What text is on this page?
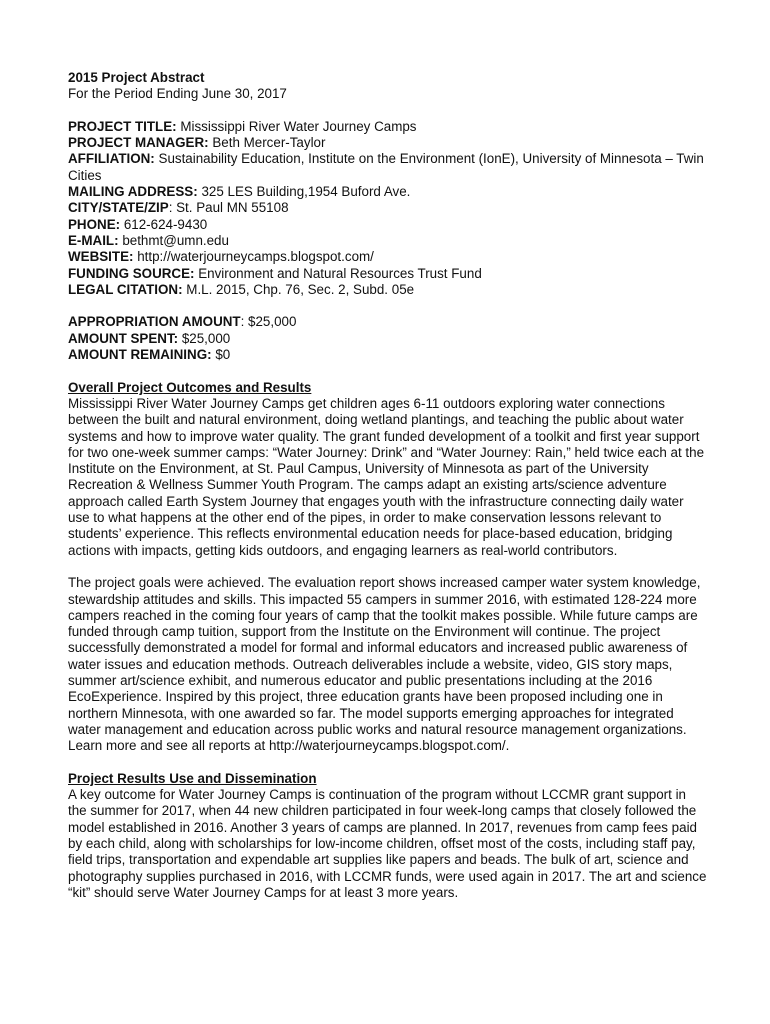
2015 Project Abstract

For the Period Ending June 30, 2017

PROJECT TITLE: Mississippi River Water Journey Camps

PROJECT MANAGER: Beth Mercer-Taylor

AFFILIATION: Sustainability Education, Institute on the Environment (IonE), University of Minnesota – Twin Cities

MAILING ADDRESS: 325 LES Building,1954 Buford Ave.

CITY/STATE/ZIP: St. Paul MN 55108

PHONE: 612-624-9430

E-MAIL: bethmt@umn.edu

WEBSITE: http://waterjourneycamps.blogspot.com/

FUNDING SOURCE: Environment and Natural Resources Trust Fund

LEGAL CITATION: M.L. 2015, Chp. 76, Sec. 2, Subd. 05e

APPROPRIATION AMOUNT: $25,000

AMOUNT SPENT: $25,000

AMOUNT REMAINING: $0

Overall Project Outcomes and Results

Mississippi River Water Journey Camps get children ages 6-11 outdoors exploring water connections between the built and natural environment, doing wetland plantings, and teaching the public about water systems and how to improve water quality. The grant funded development of a toolkit and first year support for two one-week summer camps: “Water Journey: Drink” and “Water Journey: Rain,” held twice each at the Institute on the Environment, at St. Paul Campus, University of Minnesota as part of the University Recreation & Wellness Summer Youth Program. The camps adapt an existing arts/science adventure approach called Earth System Journey that engages youth with the infrastructure connecting daily water use to what happens at the other end of the pipes, in order to make conservation lessons relevant to students’ experience. This reflects environmental education needs for place-based education, bridging actions with impacts, getting kids outdoors, and engaging learners as real-world contributors.

The project goals were achieved. The evaluation report shows increased camper water system knowledge, stewardship attitudes and skills. This impacted 55 campers in summer 2016, with estimated 128-224 more campers reached in the coming four years of camp that the toolkit makes possible. While future camps are funded through camp tuition, support from the Institute on the Environment will continue. The project successfully demonstrated a model for formal and informal educators and increased public awareness of water issues and education methods. Outreach deliverables include a website, video, GIS story maps, summer art/science exhibit, and numerous educator and public presentations including at the 2016 EcoExperience. Inspired by this project, three education grants have been proposed including one in northern Minnesota, with one awarded so far. The model supports emerging approaches for integrated water management and education across public works and natural resource management organizations. Learn more and see all reports at http://waterjourneycamps.blogspot.com/.

Project Results Use and Dissemination

A key outcome for Water Journey Camps is continuation of the program without LCCMR grant support in the summer for 2017, when 44 new children participated in four week-long camps that closely followed the model established in 2016. Another 3 years of camps are planned. In 2017, revenues from camp fees paid by each child, along with scholarships for low-income children, offset most of the costs, including staff pay, field trips, transportation and expendable art supplies like papers and beads. The bulk of art, science and photography supplies purchased in 2016, with LCCMR funds, were used again in 2017. The art and science “kit” should serve Water Journey Camps for at least 3 more years.
